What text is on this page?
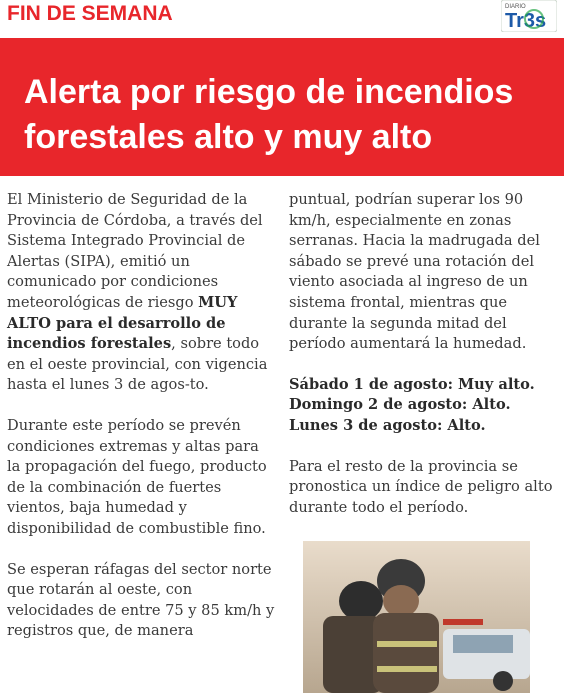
FIN DE SEMANA	DIARIO
Tr3s
Alerta por riesgo de incendios forestales alto y muy alto

El Ministerio de Seguridad de la Provincia de Córdoba, a través del Sistema Integrado Provincial de Alertas (SIPA), emitió un comunicado por condiciones meteorológicas de riesgo MUY ALTO para el desarrollo de incendios forestales, sobre todo en el oeste provincial, con vigencia hasta el lunes 3 de agos-to.

Durante este período se prevén condiciones extremas y altas para la propagación del fuego, producto de la combinación de fuertes vientos, baja humedad y disponibilidad de combustible fino.

Se esperan ráfagas del sector norte que rotarán al oeste, con velocidades de entre 75 y 85 km/h y registros que, de manera

puntual, podrían superar los 90 km/h, especialmente en zonas serranas. Hacia la madrugada del sábado se prevé una rotación del viento asociada al ingreso de un sistema frontal, mientras que durante la segunda mitad del período aumentará la humedad.

Sábado 1 de agosto: Muy alto.
Domingo 2 de agosto: Alto.
Lunes 3 de agosto: Alto.

Para el resto de la provincia se pronostica un índice de peligro alto durante todo el período.
